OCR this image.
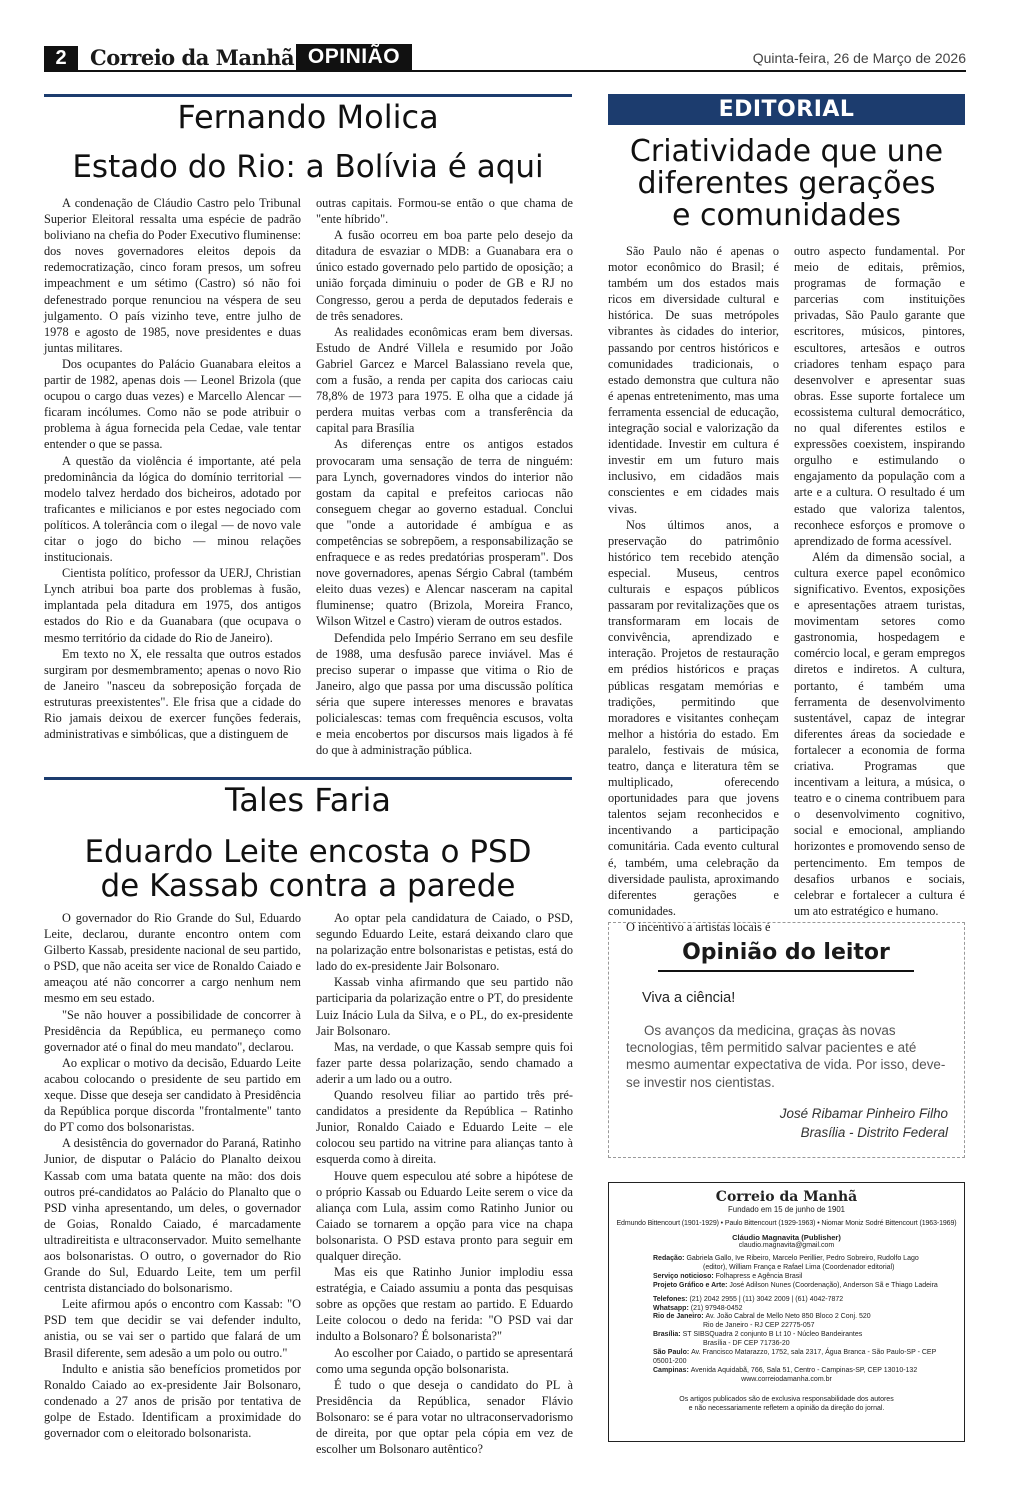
2	Correio da Manhã OPINIÃO	Quinta-feira, 26 de Março de 2026
Fernando Molica
Estado do Rio: a Bolívia é aqui

A condenação de Cláudio Castro pelo Tribunal Superior Eleitoral ressalta uma espécie de padrão boliviano na chefia do Poder Executivo fluminense: dos noves governadores eleitos depois da redemocratização, cinco foram presos, um sofreu impeachment e um sétimo (Castro) só não foi defenestrado porque renunciou na véspera de seu julgamento. O país vizinho teve, entre julho de 1978 e agosto de 1985, nove presidentes e duas juntas militares.

Dos ocupantes do Palácio Guanabara eleitos a partir de 1982, apenas dois — Leonel Brizola (que ocupou o cargo duas vezes) e Marcello Alencar — ficaram incólumes. Como não se pode atribuir o problema à água fornecida pela Cedae, vale tentar entender o que se passa.

A questão da violência é importante, até pela predominância da lógica do domínio territorial — modelo talvez herdado dos bicheiros, adotado por traficantes e milicianos e por estes negociado com políticos. A tolerância com o ilegal — de novo vale citar o jogo do bicho — minou relações institucionais.

Cientista político, professor da UERJ, Christian Lynch atribui boa parte dos problemas à fusão, implantada pela ditadura em 1975, dos antigos estados do Rio e da Guanabara (que ocupava o mesmo território da cidade do Rio de Janeiro).

Em texto no X, ele ressalta que outros estados surgiram por desmembramento; apenas o novo Rio de Janeiro "nasceu da sobreposição forçada de estruturas preexistentes". Ele frisa que a cidade do Rio jamais deixou de exercer funções federais, administrativas e simbólicas, que a distinguem de

outras capitais. Formou-se então o que chama de "ente híbrido".

A fusão ocorreu em boa parte pelo desejo da ditadura de esvaziar o MDB: a Guanabara era o único estado governado pelo partido de oposição; a união forçada diminuiu o poder de GB e RJ no Congresso, gerou a perda de deputados federais e de três senadores.

As realidades econômicas eram bem diversas. Estudo de André Villela e resumido por João Gabriel Garcez e Marcel Balassiano revela que, com a fusão, a renda per capita dos cariocas caiu 78,8% de 1973 para 1975. E olha que a cidade já perdera muitas verbas com a transferência da capital para Brasília

As diferenças entre os antigos estados provocaram uma sensação de terra de ninguém: para Lynch, governadores vindos do interior não gostam da capital e prefeitos cariocas não conseguem chegar ao governo estadual. Conclui que "onde a autoridade é ambígua e as competências se sobrepõem, a responsabilização se enfraquece e as redes predatórias prosperam". Dos nove governadores, apenas Sérgio Cabral (também eleito duas vezes) e Alencar nasceram na capital fluminense; quatro (Brizola, Moreira Franco, Wilson Witzel e Castro) vieram de outros estados.

Defendida pelo Império Serrano em seu desfile de 1988, uma desfusão parece inviável. Mas é preciso superar o impasse que vitima o Rio de Janeiro, algo que passa por uma discussão política séria que supere interesses menores e bravatas policialescas: temas com frequência escusos, volta e meia encobertos por discursos mais ligados à fé do que à administração pública.

Tales Faria
Eduardo Leite encosta o PSD
de Kassab contra a parede

O governador do Rio Grande do Sul, Eduardo Leite, declarou, durante encontro ontem com Gilberto Kassab, presidente nacional de seu partido, o PSD, que não aceita ser vice de Ronaldo Caiado e ameaçou até não concorrer a cargo nenhum nem mesmo em seu estado.

"Se não houver a possibilidade de concorrer à Presidência da República, eu permaneço como governador até o final do meu mandato", declarou.

Ao explicar o motivo da decisão, Eduardo Leite acabou colocando o presidente de seu partido em xeque. Disse que deseja ser candidato à Presidência da República porque discorda "frontalmente" tanto do PT como dos bolsonaristas.

A desistência do governador do Paraná, Ratinho Junior, de disputar o Palácio do Planalto deixou Kassab com uma batata quente na mão: dos dois outros pré-candidatos ao Palácio do Planalto que o PSD vinha apresentando, um deles, o governador de Goias, Ronaldo Caiado, é marcadamente ultradireitista e ultraconservador. Muito semelhante aos bolsonaristas. O outro, o governador do Rio Grande do Sul, Eduardo Leite, tem um perfil centrista distanciado do bolsonarismo.

Leite afirmou após o encontro com Kassab: "O PSD tem que decidir se vai defender indulto, anistia, ou se vai ser o partido que falará de um Brasil diferente, sem adesão a um polo ou outro."

Indulto e anistia são benefícios prometidos por Ronaldo Caiado ao ex-presidente Jair Bolsonaro, condenado a 27 anos de prisão por tentativa de golpe de Estado. Identificam a proximidade do governador com o eleitorado bolsonarista.

Ao optar pela candidatura de Caiado, o PSD, segundo Eduardo Leite, estará deixando claro que na polarização entre bolsonaristas e petistas, está do lado do ex-presidente Jair Bolsonaro.

Kassab vinha afirmando que seu partido não participaria da polarização entre o PT, do presidente Luiz Inácio Lula da Silva, e o PL, do ex-presidente Jair Bolsonaro.

Mas, na verdade, o que Kassab sempre quis foi fazer parte dessa polarização, sendo chamado a aderir a um lado ou a outro.

Quando resolveu filiar ao partido três pré-candidatos a presidente da República – Ratinho Junior, Ronaldo Caiado e Eduardo Leite – ele colocou seu partido na vitrine para alianças tanto à esquerda como à direita.

Houve quem especulou até sobre a hipótese de o próprio Kassab ou Eduardo Leite serem o vice da aliança com Lula, assim como Ratinho Junior ou Caiado se tornarem a opção para vice na chapa bolsonarista. O PSD estava pronto para seguir em qualquer direção.

Mas eis que Ratinho Junior implodiu essa estratégia, e Caiado assumiu a ponta das pesquisas sobre as opções que restam ao partido. E Eduardo Leite colocou o dedo na ferida: "O PSD vai dar indulto a Bolsonaro? É bolsonarista?"

Ao escolher por Caiado, o partido se apresentará como uma segunda opção bolsonarista.

É tudo o que deseja o candidato do PL à Presidência da República, senador Flávio Bolsonaro: se é para votar no ultraconservadorismo de direita, por que optar pela cópia em vez de escolher um Bolsonaro autêntico?

EDITORIAL
Criatividade que une
diferentes gerações
e comunidades

São Paulo não é apenas o motor econômico do Brasil; é também um dos estados mais ricos em diversidade cultural e histórica. De suas metrópoles vibrantes às cidades do interior, passando por centros históricos e comunidades tradicionais, o estado demonstra que cultura não é apenas entretenimento, mas uma ferramenta essencial de educação, integração social e valorização da identidade. Investir em cultura é investir em um futuro mais inclusivo, em cidadãos mais conscientes e em cidades mais vivas.

Nos últimos anos, a preservação do patrimônio histórico tem recebido atenção especial. Museus, centros culturais e espaços públicos passaram por revitalizações que os transformaram em locais de convivência, aprendizado e interação. Projetos de restauração em prédios históricos e praças públicas resgatam memórias e tradições, permitindo que moradores e visitantes conheçam melhor a história do estado. Em paralelo, festivais de música, teatro, dança e literatura têm se multiplicado, oferecendo oportunidades para que jovens talentos sejam reconhecidos e incentivando a participação comunitária. Cada evento cultural é, também, uma celebração da diversidade paulista, aproximando diferentes gerações e comunidades.

O incentivo a artistas locais é

outro aspecto fundamental. Por meio de editais, prêmios, programas de formação e parcerias com instituições privadas, São Paulo garante que escritores, músicos, pintores, escultores, artesãos e outros criadores tenham espaço para desenvolver e apresentar suas obras. Esse suporte fortalece um ecossistema cultural democrático, no qual diferentes estilos e expressões coexistem, inspirando orgulho e estimulando o engajamento da população com a arte e a cultura. O resultado é um estado que valoriza talentos, reconhece esforços e promove o aprendizado de forma acessível.

Além da dimensão social, a cultura exerce papel econômico significativo. Eventos, exposições e apresentações atraem turistas, movimentam setores como gastronomia, hospedagem e comércio local, e geram empregos diretos e indiretos. A cultura, portanto, é também uma ferramenta de desenvolvimento sustentável, capaz de integrar diferentes áreas da sociedade e fortalecer a economia de forma criativa. Programas que incentivam a leitura, a música, o teatro e o cinema contribuem para o desenvolvimento cognitivo, social e emocional, ampliando horizontes e promovendo senso de pertencimento. Em tempos de desafios urbanos e sociais, celebrar e fortalecer a cultura é um ato estratégico e humano.

Opinião do leitor
Viva a ciência!
Os avanços da medicina, graças às novas tecnologias, têm permitido salvar pacientes e até mesmo aumentar expectativa de vida. Por isso, deve-se investir nos cientistas.
José Ribamar Pinheiro Filho
Brasília - Distrito Federal
Correio da Manhã
Fundado em 15 de junho de 1901
Edmundo Bittencourt (1901-1929) • Paulo Bittencourt (1929-1963) • Niomar Moniz Sodré Bittencourt (1963-1969)
Cláudio Magnavita (Publisher)
claudio.magnavita@gmail.com
Redação: Gabriela Gallo, Ive Ribeiro, Marcelo Perillier, Pedro Sobreiro, Rudolfo Lago
(editor), William França e Rafael Lima (Coordenador editorial)
Serviço noticioso: Folhapress e Agência Brasil
Projeto Gráfico e Arte: José Adilson Nunes (Coordenação), Anderson Sã e Thiago Ladeira
Telefones: (21) 2042 2955 | (11) 3042 2009 | (61) 4042-7872
Whatsapp: (21) 97948-0452
Rio de Janeiro: Av. João Cabral de Mello Neto 850 Bloco 2 Conj. 520
Rio de Janeiro - RJ CEP 22775-057
Brasília: ST SIBSQuadra 2 conjunto B Lt 10 - Núcleo Bandeirantes
Brasília - DF CEP 71736-20
São Paulo: Av. Francisco Matarazzo, 1752, sala 2317, Água Branca - São Paulo-SP - CEP 05001-200
Campinas: Avenida Aquidabã, 766, Sala 51, Centro - Campinas-SP, CEP 13010-132
www.correiodamanha.com.br
Os artigos publicados são de exclusiva responsabilidade dos autores
e não necessariamente refletem a opinião da direção do jornal.
